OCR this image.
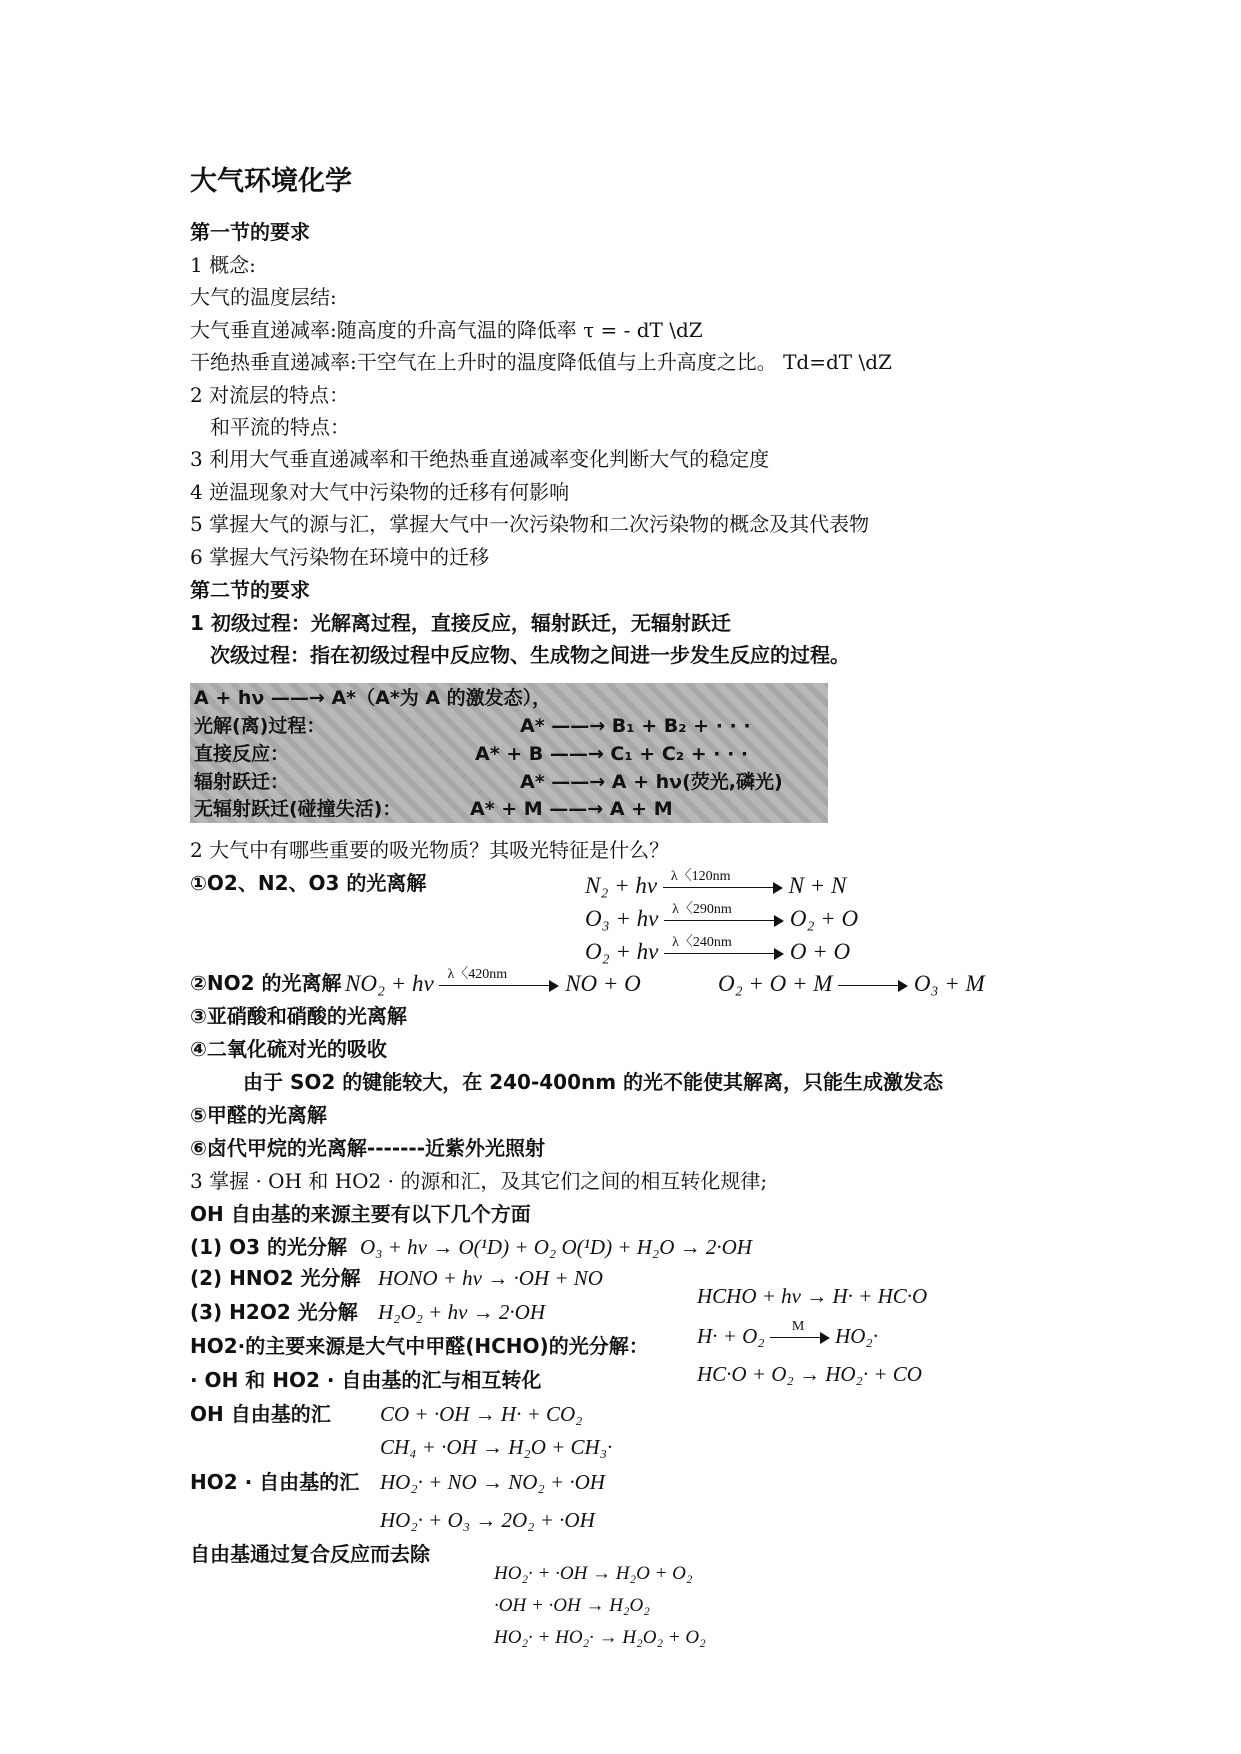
大气环境化学
第一节的要求
1 概念:
大气的温度层结:
大气垂直递减率:随高度的升高气温的降低率 τ = - dT \dZ
干绝热垂直递减率:干空气在上升时的温度降低值与上升高度之比。 Τd=dT \dZ
2 对流层的特点：
和平流的特点：
3 利用大气垂直递减率和干绝热垂直递减率变化判断大气的稳定度
4 逆温现象对大气中污染物的迁移有何影响
5 掌握大气的源与汇，掌握大气中一次污染物和二次污染物的概念及其代表物
6 掌握大气污染物在环境中的迁移
第二节的要求
1 初级过程：光解离过程，直接反应，辐射跃迁，无辐射跃迁
次级过程：指在初级过程中反应物、生成物之间进一步发生反应的过程。
A + hν ——→ A*（A*为 A 的激发态），
光解(离)过程：	A* ——→ B₁ + B₂ + · · ·
直接反应：	A* + B ——→ C₁ + C₂ + · · ·
辐射跃迁：	A* ——→ A + hν(荧光,磷光)
无辐射跃迁(碰撞失活)：	A* + M ——→ A + M
2 大气中有哪些重要的吸光物质？其吸光特征是什么？
①O2、N2、O3 的光离解	N₂ + hv λ〈120nm	N + N
O₃ + hv λ〈290nm	O₂ + O
O₂ + hv λ〈240nm	O + O
②NO2 的光离解 NO₂ + hv λ〈420nm	NO + O	O₂ + O + M	O₃ + M
③亚硝酸和硝酸的光离解
④二氧化硫对光的吸收
由于 SO2 的键能较大，在 240-400nm 的光不能使其解离，只能生成激发态
⑤甲醛的光离解
⑥卤代甲烷的光离解-------近紫外光照射
3 掌握 · OH 和 HO2 · 的源和汇，及其它们之间的相互转化规律;
OH 自由基的来源主要有以下几个方面
(1) O3 的光分解 O₃ + hv → O(¹D) + O₂ O(¹D) + H₂O → 2·OH
(2) HNO2 光分解 HONO + hv → ·OH + NO
(3) H2O2 光分解 H₂O₂ + hv → 2·OH
HCHO + hv → H· + HC·O
H· + O₂ M HO₂·
HC·O + O₂ → HO₂· + CO
HO2·的主要来源是大气中甲醛(HCHO)的光分解：
· OH 和 HO2 · 自由基的汇与相互转化
OH 自由基的汇 CO + ·OH → H· + CO₂
CH₄ + ·OH → H₂O + CH₃·
HO2 · 自由基的汇 HO₂· + NO → NO₂ + ·OH
HO₂· + O₃ → 2O₂ + ·OH
自由基通过复合反应而去除
HO₂· + ·OH → H₂O + O₂
·OH + ·OH → H₂O₂
HO₂· + HO₂· → H₂O₂ + O₂
